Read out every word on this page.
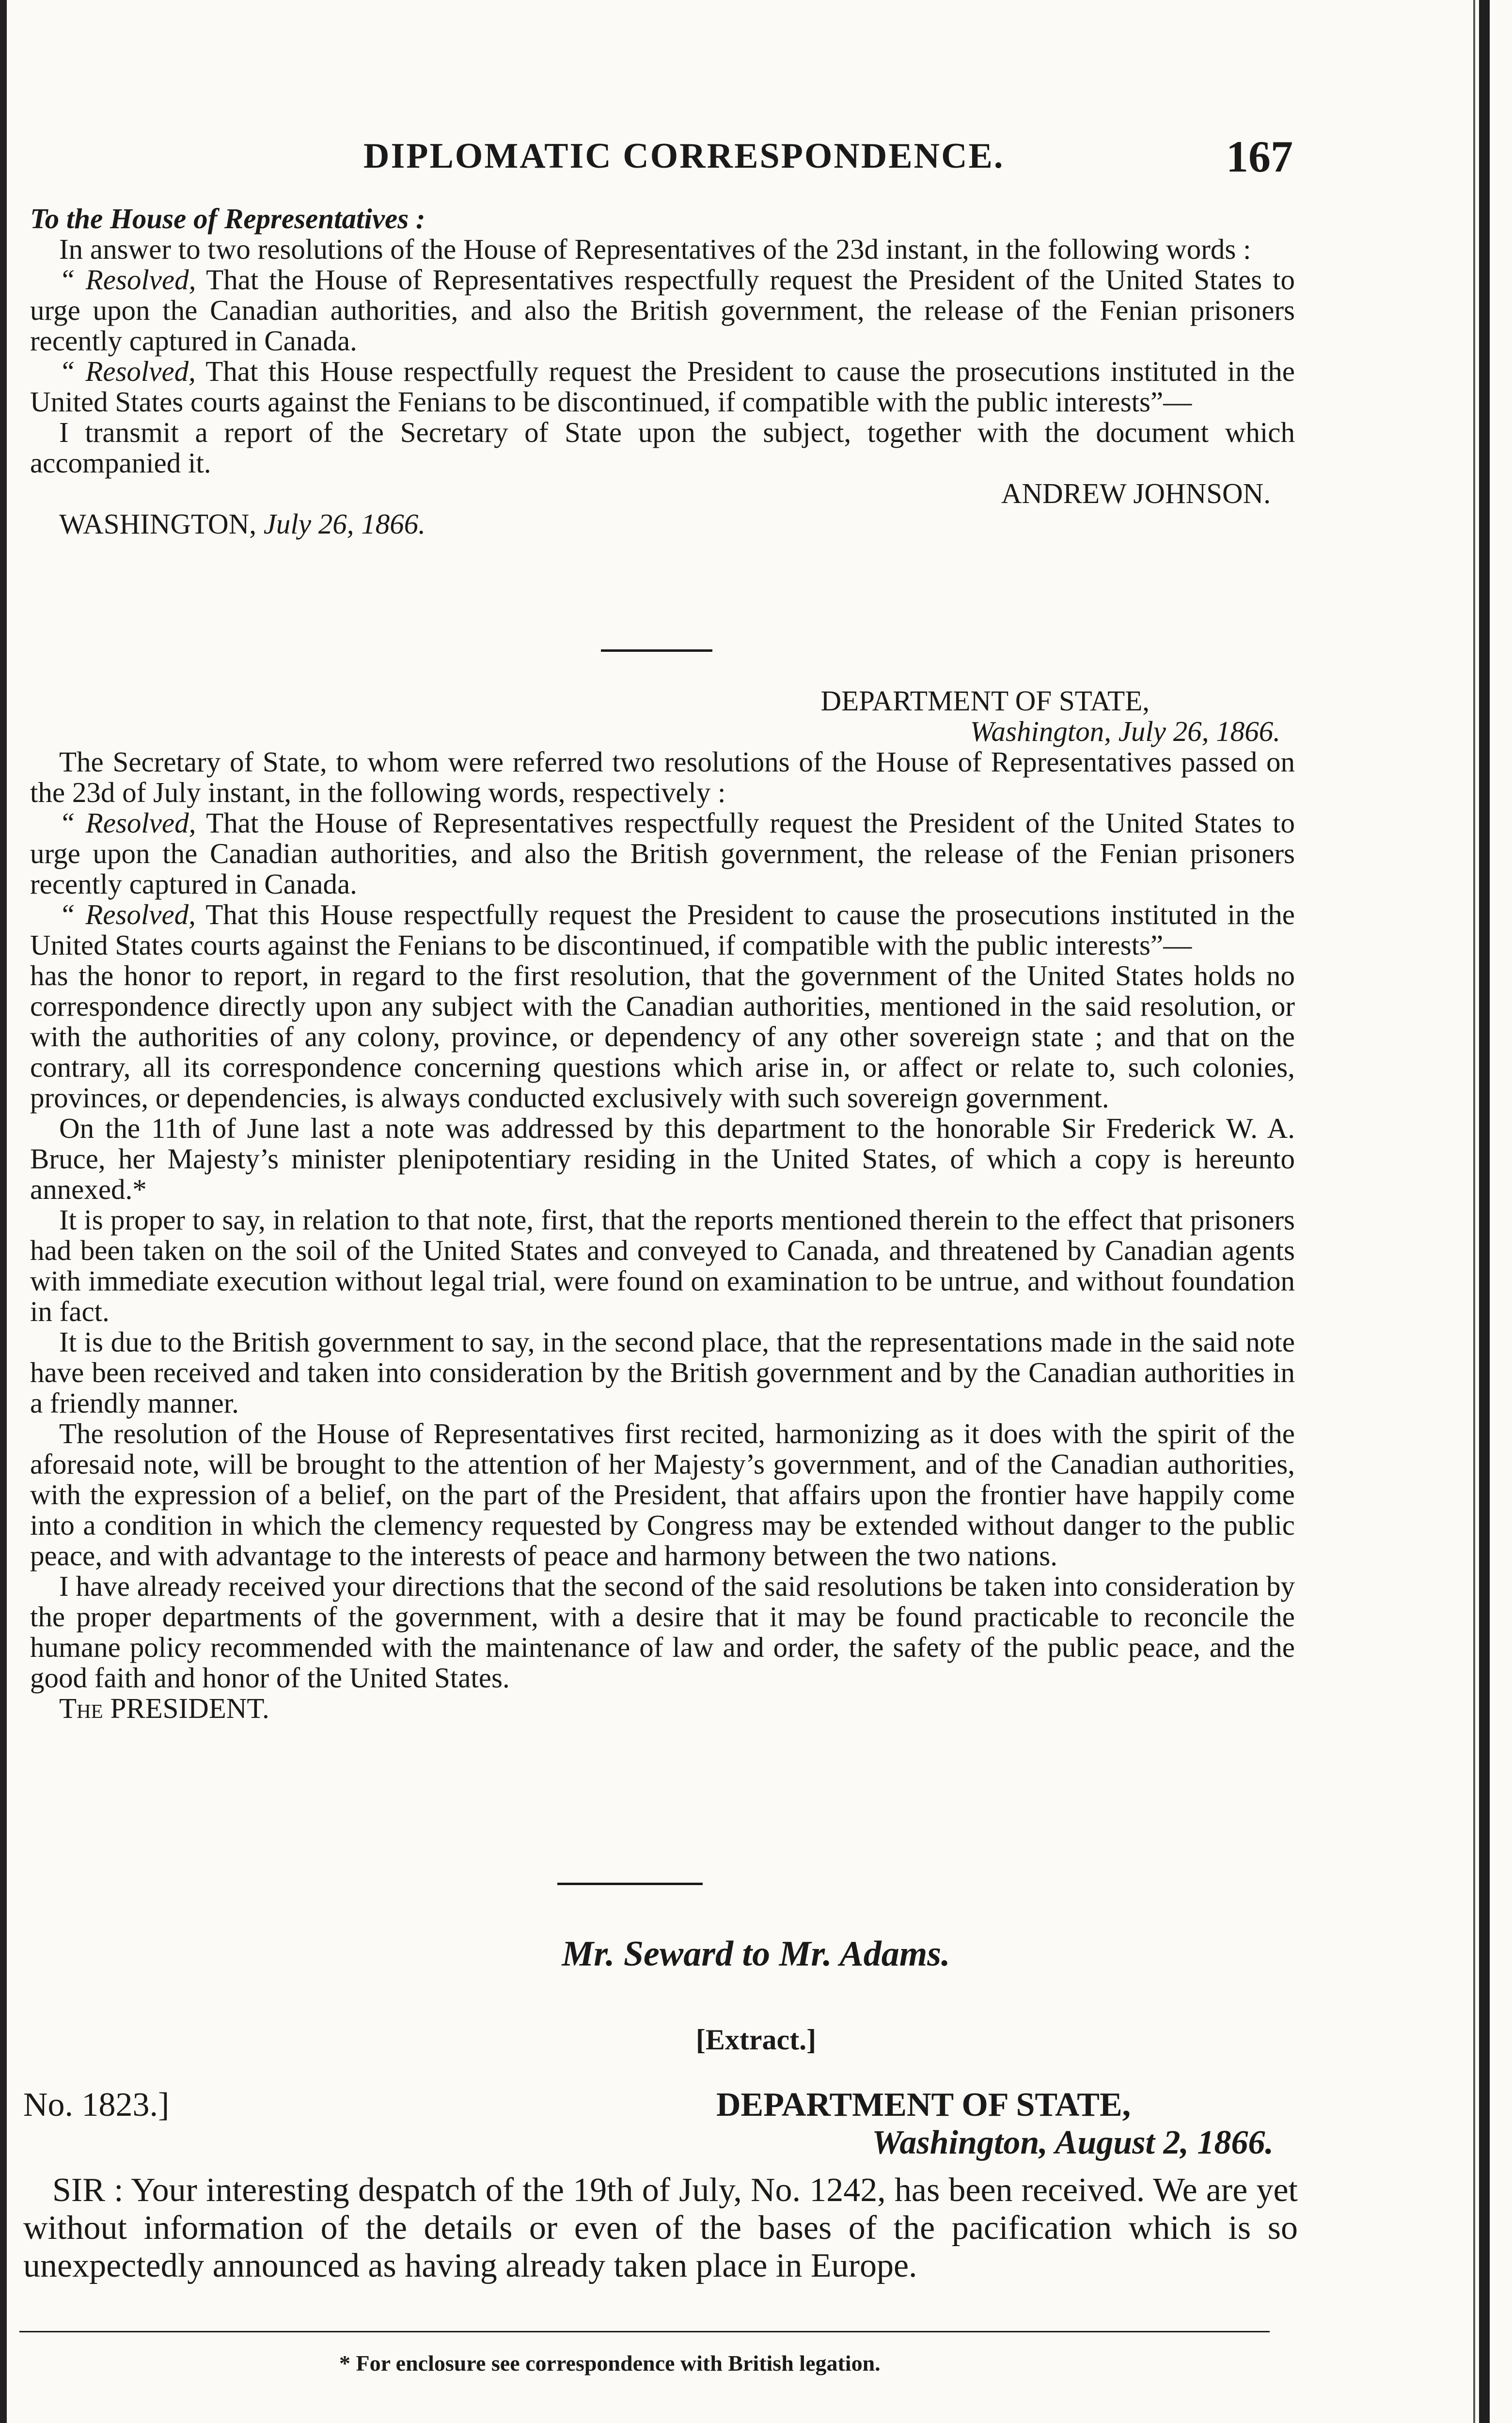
DIPLOMATIC CORRESPONDENCE.	167

To the House of Representatives :

In answer to two resolutions of the House of Representatives of the 23d instant, in the following words :

“ Resolved, That the House of Representatives respectfully request the President of the United States to urge upon the Canadian authorities, and also the British government, the release of the Fenian prisoners recently captured in Canada.

“ Resolved, That this House respectfully request the President to cause the prosecutions instituted in the United States courts against the Fenians to be discontinued, if compatible with the public interests”—

I transmit a report of the Secretary of State upon the subject, together with the document which accompanied it.

ANDREW JOHNSON.

WASHINGTON, July 26, 1866.

DEPARTMENT OF STATE,

Washington, July 26, 1866.

The Secretary of State, to whom were referred two resolutions of the House of Representatives passed on the 23d of July instant, in the following words, respectively :

“ Resolved, That the House of Representatives respectfully request the President of the United States to urge upon the Canadian authorities, and also the British government, the release of the Fenian prisoners recently captured in Canada.

“ Resolved, That this House respectfully request the President to cause the prosecutions instituted in the United States courts against the Fenians to be discontinued, if compatible with the public interests”—

has the honor to report, in regard to the first resolution, that the government of the United States holds no correspondence directly upon any subject with the Canadian authorities, mentioned in the said resolution, or with the authorities of any colony, province, or dependency of any other sovereign state ; and that on the contrary, all its correspondence concerning questions which arise in, or affect or relate to, such colonies, provinces, or dependencies, is always conducted exclusively with such sovereign government.

On the 11th of June last a note was addressed by this department to the honorable Sir Frederick W. A. Bruce, her Majesty’s minister plenipotentiary residing in the United States, of which a copy is hereunto annexed.*

It is proper to say, in relation to that note, first, that the reports mentioned therein to the effect that prisoners had been taken on the soil of the United States and conveyed to Canada, and threatened by Canadian agents with immediate execution without legal trial, were found on examination to be untrue, and without foundation in fact.

It is due to the British government to say, in the second place, that the representations made in the said note have been received and taken into consideration by the British government and by the Canadian authorities in a friendly manner.

The resolution of the House of Representatives first recited, harmonizing as it does with the spirit of the aforesaid note, will be brought to the attention of her Majesty’s government, and of the Canadian authorities, with the expression of a belief, on the part of the President, that affairs upon the frontier have happily come into a condition in which the clemency requested by Congress may be extended without danger to the public peace, and with advantage to the interests of peace and harmony between the two nations.

I have already received your directions that the second of the said resolutions be taken into consideration by the proper departments of the government, with a desire that it may be found practicable to reconcile the humane policy recommended with the maintenance of law and order, the safety of the public peace, and the good faith and honor of the United States.

The PRESIDENT.

Mr. Seward to Mr. Adams.
[Extract.]
No. 1823.]	DEPARTMENT OF STATE,

Washington, August 2, 1866.

SIR : Your interesting despatch of the 19th of July, No. 1242, has been received. We are yet without information of the details or even of the bases of the pacification which is so unexpectedly announced as having already taken place in Europe.

* For enclosure see correspondence with British legation.
